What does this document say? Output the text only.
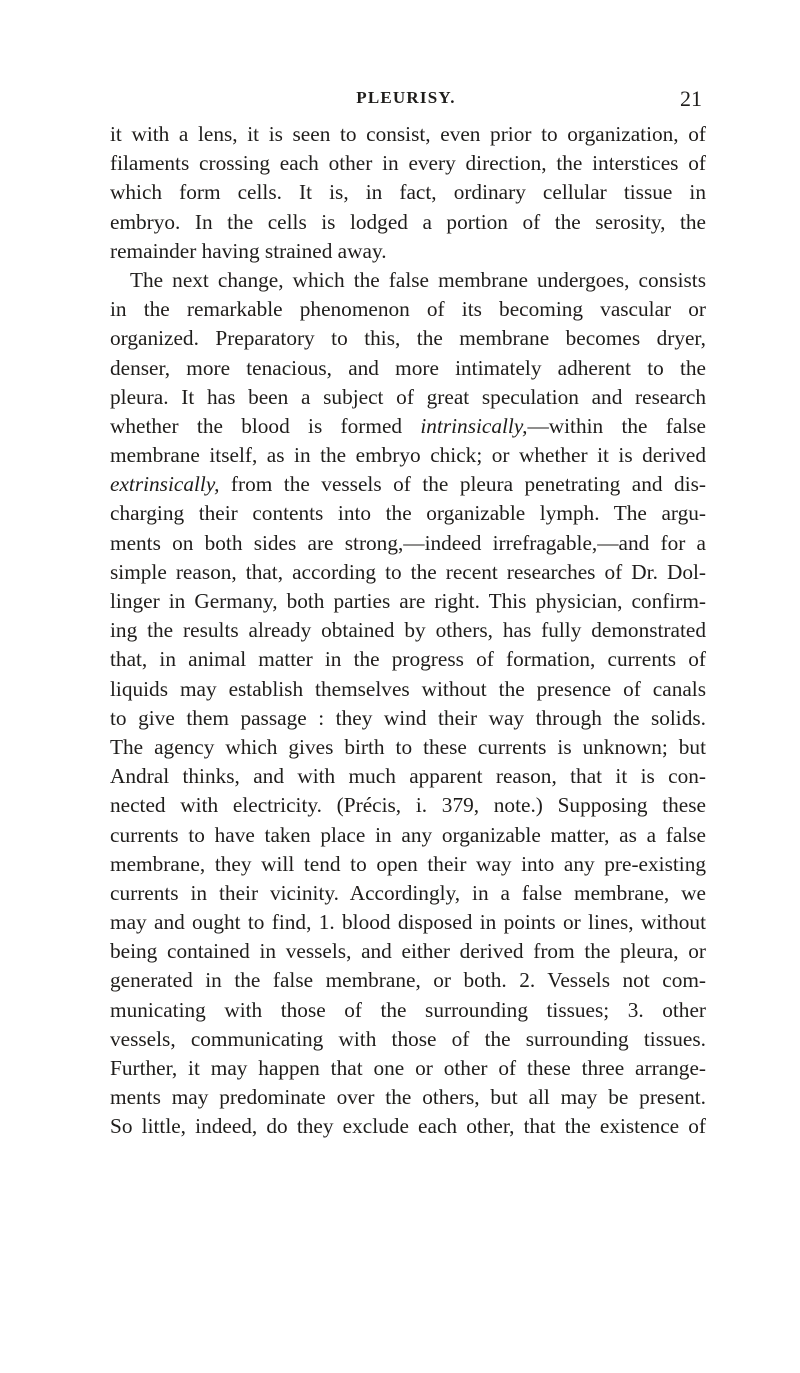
PLEURISY.	21
it with a lens, it is seen to consist, even prior to organization, of
filaments crossing each other in every direction, the interstices of
which form cells. It is, in fact, ordinary cellular tissue in
embryo. In the cells is lodged a portion of the serosity, the
remainder having strained away.
The next change, which the false membrane undergoes, consists
in the remarkable phenomenon of its becoming vascular or
organized. Preparatory to this, the membrane becomes dryer,
denser, more tenacious, and more intimately adherent to the
pleura. It has been a subject of great speculation and research
whether the blood is formed intrinsically,—within the false
membrane itself, as in the embryo chick; or whether it is derived
extrinsically, from the vessels of the pleura penetrating and dis-
charging their contents into the organizable lymph. The argu-
ments on both sides are strong,—indeed irrefragable,—and for a
simple reason, that, according to the recent researches of Dr. Dol-
linger in Germany, both parties are right. This physician, confirm-
ing the results already obtained by others, has fully demonstrated
that, in animal matter in the progress of formation, currents of
liquids may establish themselves without the presence of canals
to give them passage : they wind their way through the solids.
The agency which gives birth to these currents is unknown; but
Andral thinks, and with much apparent reason, that it is con-
nected with electricity. (Précis, i. 379, note.) Supposing these
currents to have taken place in any organizable matter, as a false
membrane, they will tend to open their way into any pre-existing
currents in their vicinity. Accordingly, in a false membrane, we
may and ought to find, 1. blood disposed in points or lines, without
being contained in vessels, and either derived from the pleura, or
generated in the false membrane, or both. 2. Vessels not com-
municating with those of the surrounding tissues; 3. other
vessels, communicating with those of the surrounding tissues.
Further, it may happen that one or other of these three arrange-
ments may predominate over the others, but all may be present.
So little, indeed, do they exclude each other, that the existence of
